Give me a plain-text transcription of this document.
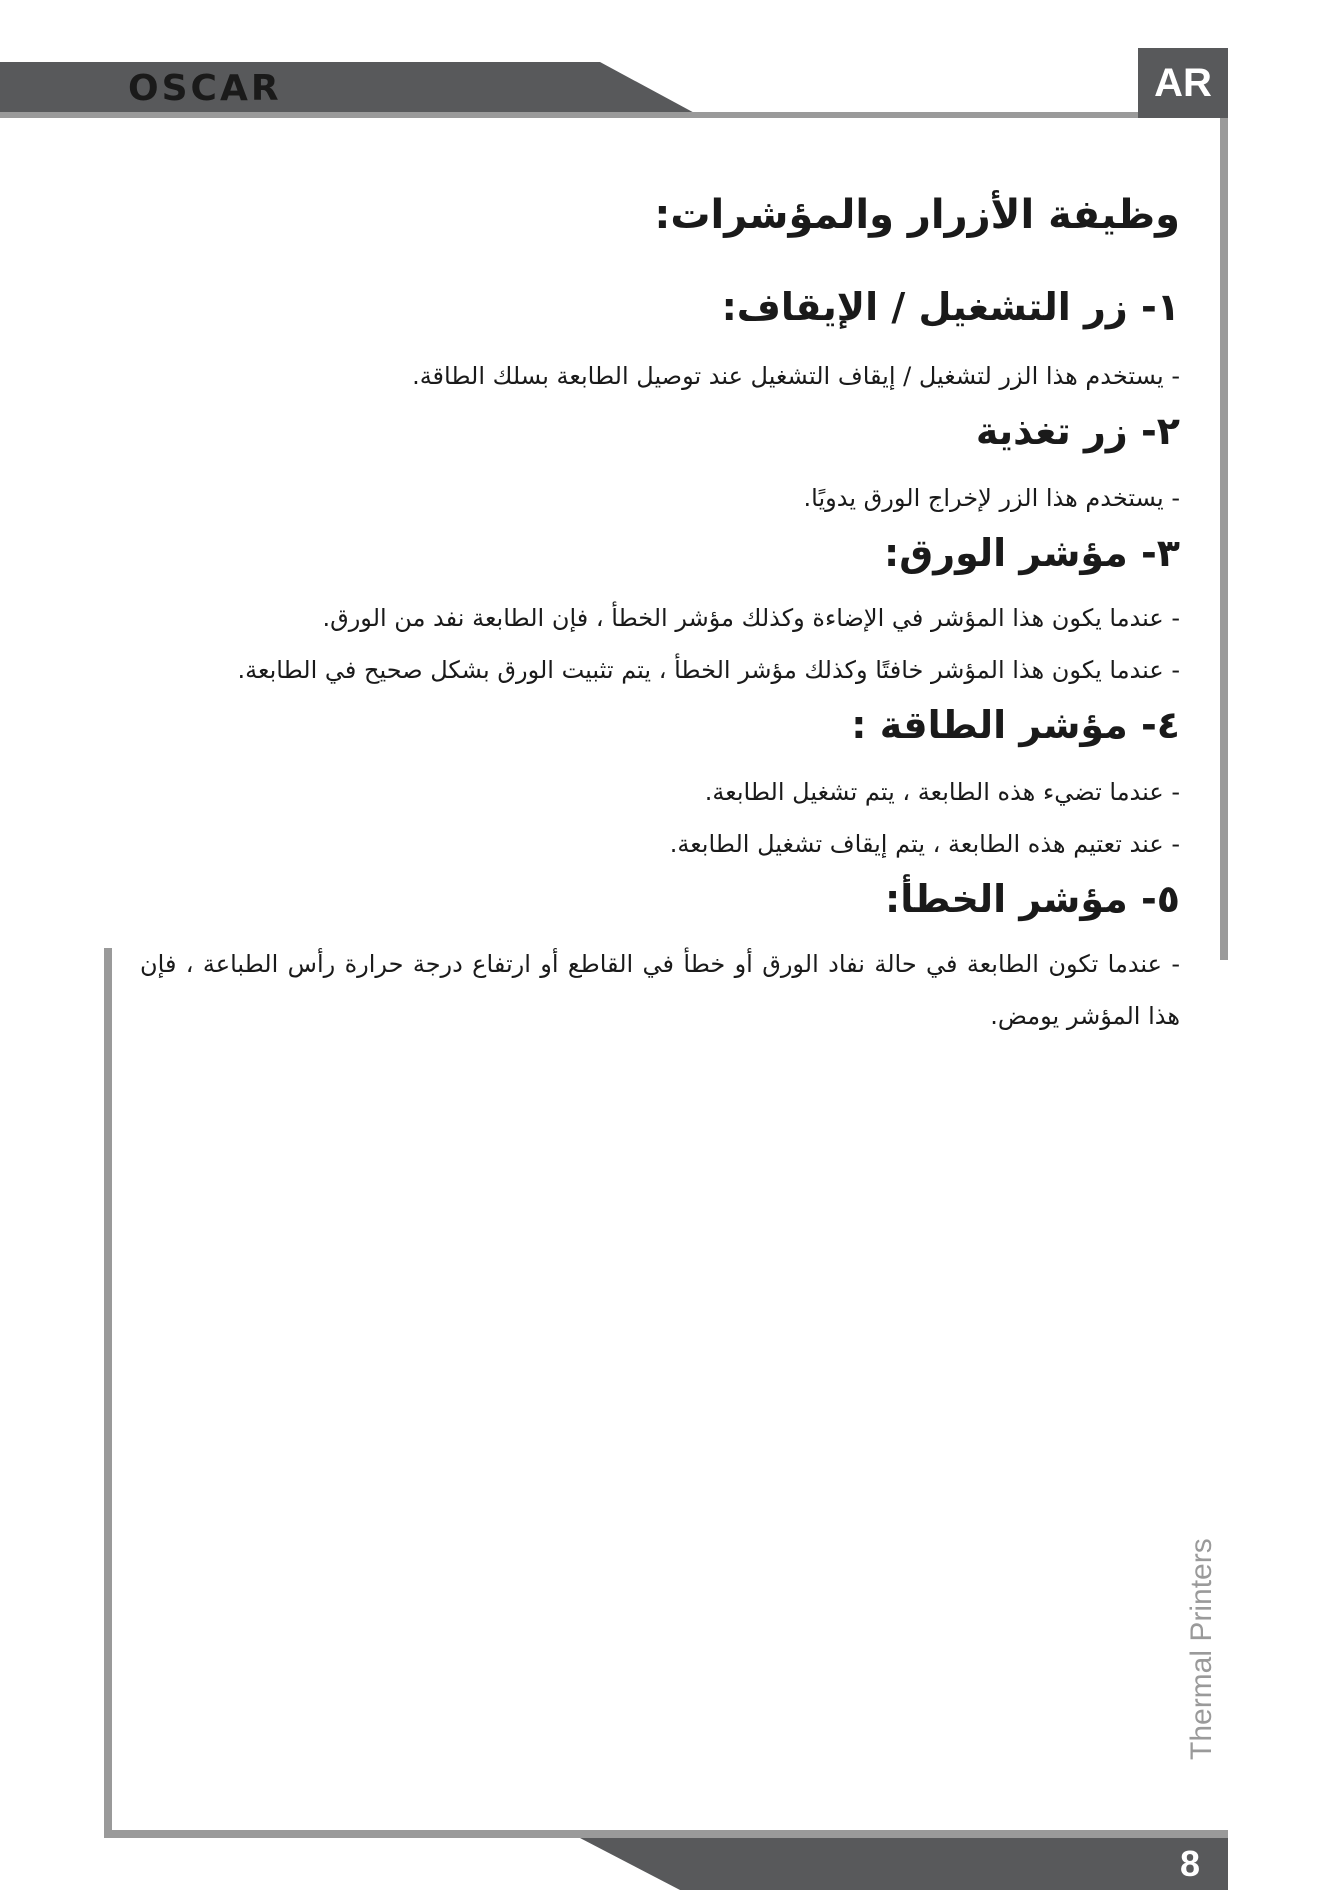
OSCAR	AR
وظيفة الأزرار والمؤشرات:
١- زر التشغيل / الإيقاف:

- يستخدم هذا الزر لتشغيل / إيقاف التشغيل عند توصيل الطابعة بسلك الطاقة.

٢- زر تغذية

- يستخدم هذا الزر لإخراج الورق يدويًا.

٣- مؤشر الورق:

- عندما يكون هذا المؤشر في الإضاءة وكذلك مؤشر الخطأ ، فإن الطابعة نفد من الورق.

- عندما يكون هذا المؤشر خافتًا وكذلك مؤشر الخطأ ، يتم تثبيت الورق بشكل صحيح في الطابعة.

٤- مؤشر الطاقة :

- عندما تضيء هذه الطابعة ، يتم تشغيل الطابعة.

- عند تعتيم هذه الطابعة ، يتم إيقاف تشغيل الطابعة.

٥- مؤشر الخطأ:

- عندما تكون الطابعة في حالة نفاد الورق أو خطأ في القاطع أو ارتفاع درجة حرارة رأس الطباعة ، فإن هذا المؤشر يومض.

Thermal Printers
8
